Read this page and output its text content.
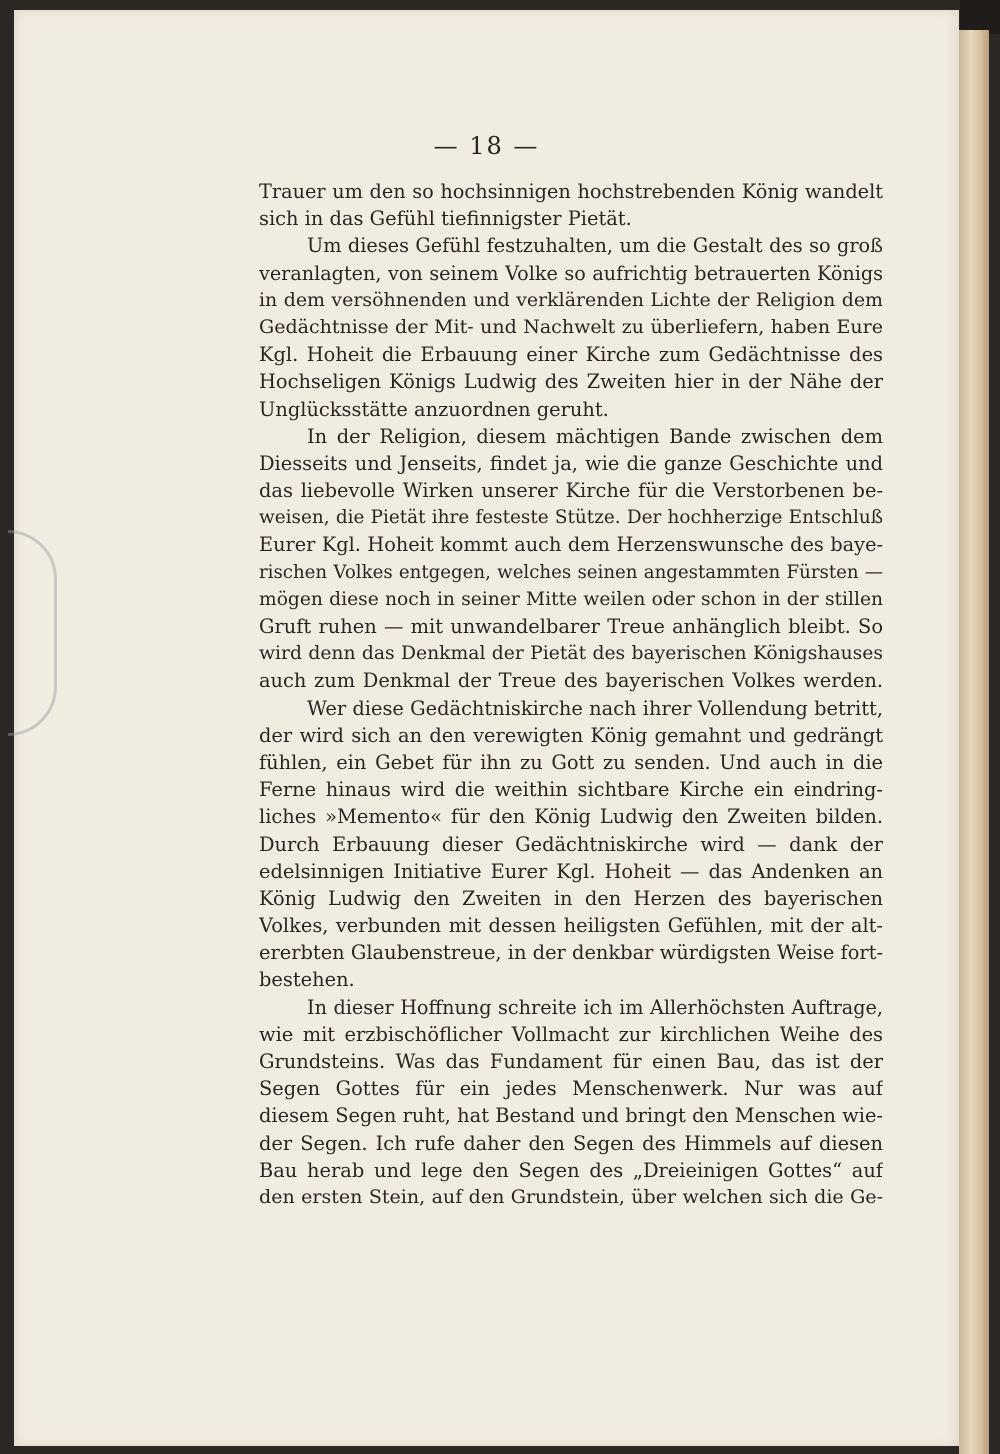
— 18 —
Trauer um den so hochsinnigen hochstrebenden König wandelt
sich in das Gefühl tiefinnigster Pietät.
Um dieses Gefühl festzuhalten, um die Gestalt des so groß
veranlagten, von seinem Volke so aufrichtig betrauerten Königs
in dem versöhnenden und verklärenden Lichte der Religion dem
Gedächtnisse der Mit- und Nachwelt zu überliefern, haben Eure
Kgl. Hoheit die Erbauung einer Kirche zum Gedächtnisse des
Hochseligen Königs Ludwig des Zweiten hier in der Nähe der
Unglücksstätte anzuordnen geruht.
In der Religion, diesem mächtigen Bande zwischen dem
Diesseits und Jenseits, findet ja, wie die ganze Geschichte und
das liebevolle Wirken unserer Kirche für die Verstorbenen be-
weisen, die Pietät ihre festeste Stütze. Der hochherzige Entschluß
Eurer Kgl. Hoheit kommt auch dem Herzenswunsche des baye-
rischen Volkes entgegen, welches seinen angestammten Fürsten —
mögen diese noch in seiner Mitte weilen oder schon in der stillen
Gruft ruhen — mit unwandelbarer Treue anhänglich bleibt. So
wird denn das Denkmal der Pietät des bayerischen Königshauses
auch zum Denkmal der Treue des bayerischen Volkes werden.
Wer diese Gedächtniskirche nach ihrer Vollendung betritt,
der wird sich an den verewigten König gemahnt und gedrängt
fühlen, ein Gebet für ihn zu Gott zu senden. Und auch in die
Ferne hinaus wird die weithin sichtbare Kirche ein eindring-
liches »Memento« für den König Ludwig den Zweiten bilden.
Durch Erbauung dieser Gedächtniskirche wird — dank der
edelsinnigen Initiative Eurer Kgl. Hoheit — das Andenken an
König Ludwig den Zweiten in den Herzen des bayerischen
Volkes, verbunden mit dessen heiligsten Gefühlen, mit der alt-
ererbten Glaubenstreue, in der denkbar würdigsten Weise fort-
bestehen.
In dieser Hoffnung schreite ich im Allerhöchsten Auftrage,
wie mit erzbischöflicher Vollmacht zur kirchlichen Weihe des
Grundsteins. Was das Fundament für einen Bau, das ist der
Segen Gottes für ein jedes Menschenwerk. Nur was auf
diesem Segen ruht, hat Bestand und bringt den Menschen wie-
der Segen. Ich rufe daher den Segen des Himmels auf diesen
Bau herab und lege den Segen des „Dreieinigen Gottes“ auf
den ersten Stein, auf den Grundstein, über welchen sich die Ge-
